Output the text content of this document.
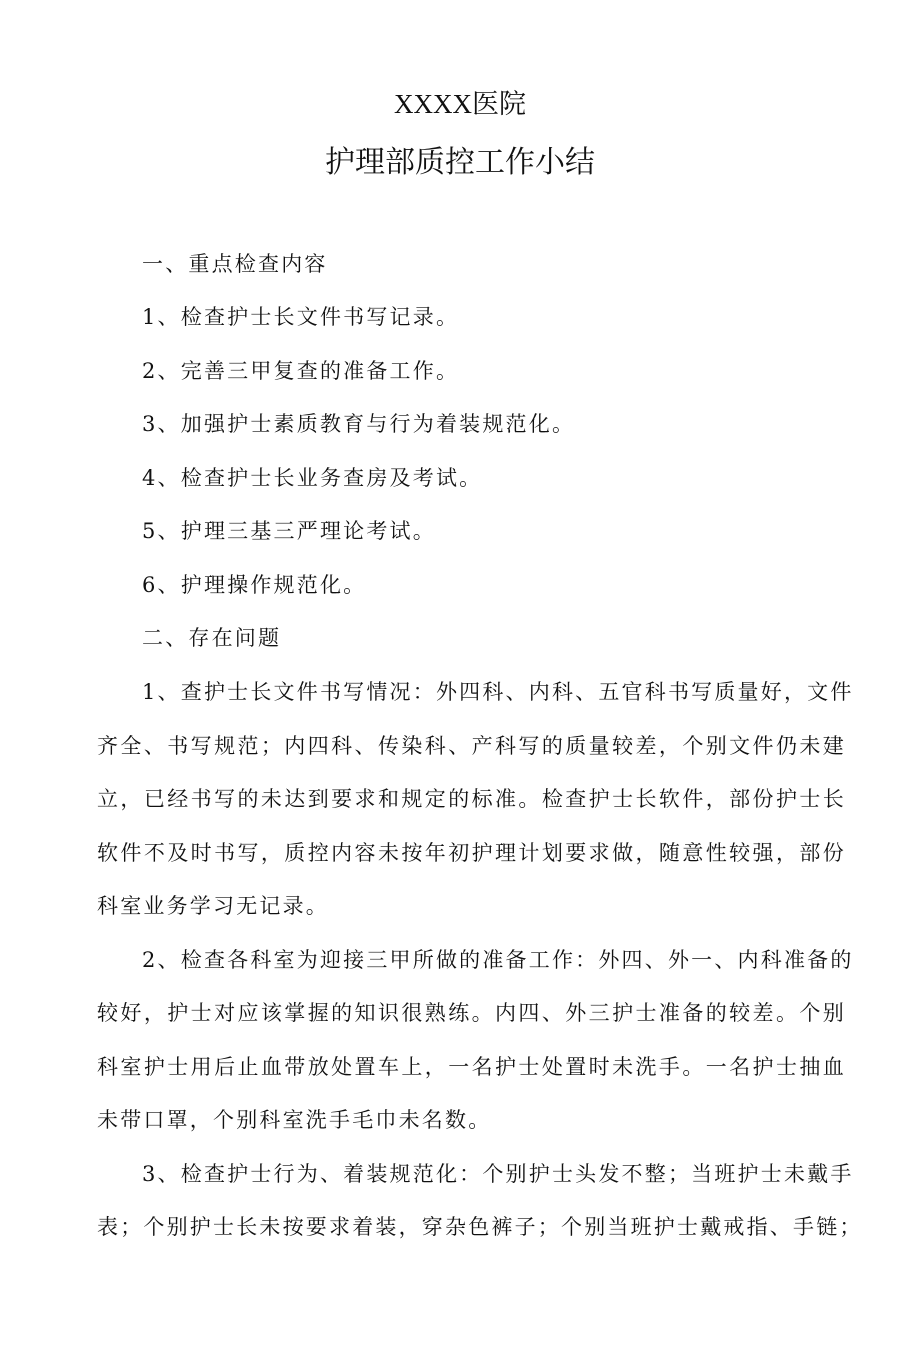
XXXX医院
护理部质控工作小结
一、重点检查内容
1、检查护士长文件书写记录。
2、完善三甲复查的准备工作。
3、加强护士素质教育与行为着装规范化。
4、检查护士长业务查房及考试。
5、护理三基三严理论考试。
6、护理操作规范化。
二、存在问题
1、查护士长文件书写情况：外四科、内科、五官科书写质量好，文件
齐全、书写规范；内四科、传染科、产科写的质量较差，个别文件仍未建
立，已经书写的未达到要求和规定的标准。检查护士长软件，部份护士长
软件不及时书写，质控内容未按年初护理计划要求做，随意性较强，部份
科室业务学习无记录。
2、检查各科室为迎接三甲所做的准备工作：外四、外一、内科准备的
较好，护士对应该掌握的知识很熟练。内四、外三护士准备的较差。个别
科室护士用后止血带放处置车上，一名护士处置时未洗手。一名护士抽血
未带口罩，个别科室洗手毛巾未名数。
3、检查护士行为、着装规范化：个别护士头发不整；当班护士未戴手
表；个别护士长未按要求着装，穿杂色裤子；个别当班护士戴戒指、手链；
